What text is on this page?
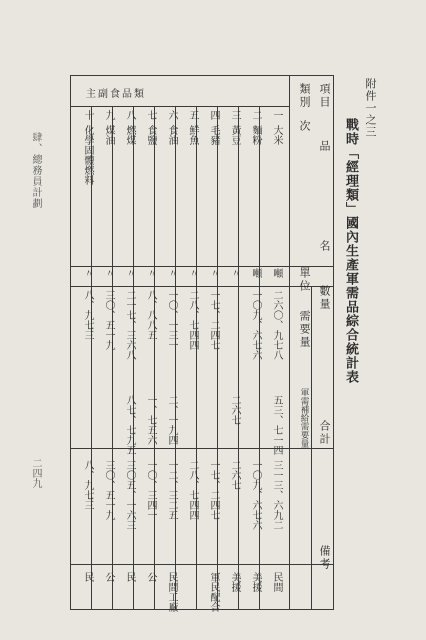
附件一之三
戰時「經理類」國內生產軍需品綜合統計表
肆、總務員計劃
二四九
類別 項目
次
品
名
單位
數量
需要量
軍需補給需要量 合計
備考
主副食品類
一
大米
噸
二六〇、九七八
五三、七一四
三一三、六九二
民間
二
麵粉
噸
一〇九、六七六
一〇九、六七六
美援
三
黃豆
〃
二六七
二六七
美援
四
毛豬
〃
一七、二四七
一七、二四七
軍民配合
五
鮮魚
〃
二八、七四四
二八、七四四
六
食油
〃
一〇、一三一
二、一九四
一二、三二五
民間工廠
七
食鹽
〃
八、八八五
一、七五六
一〇、三四一
公
八
燃煤
〃
二一七、三六八
八七、七九五
三〇五、一六三
民
九
煤油
〃
三〇、五一九
三〇、五一九
公
十
化學固體燃料
〃
八、九七三
八、九七三
民
